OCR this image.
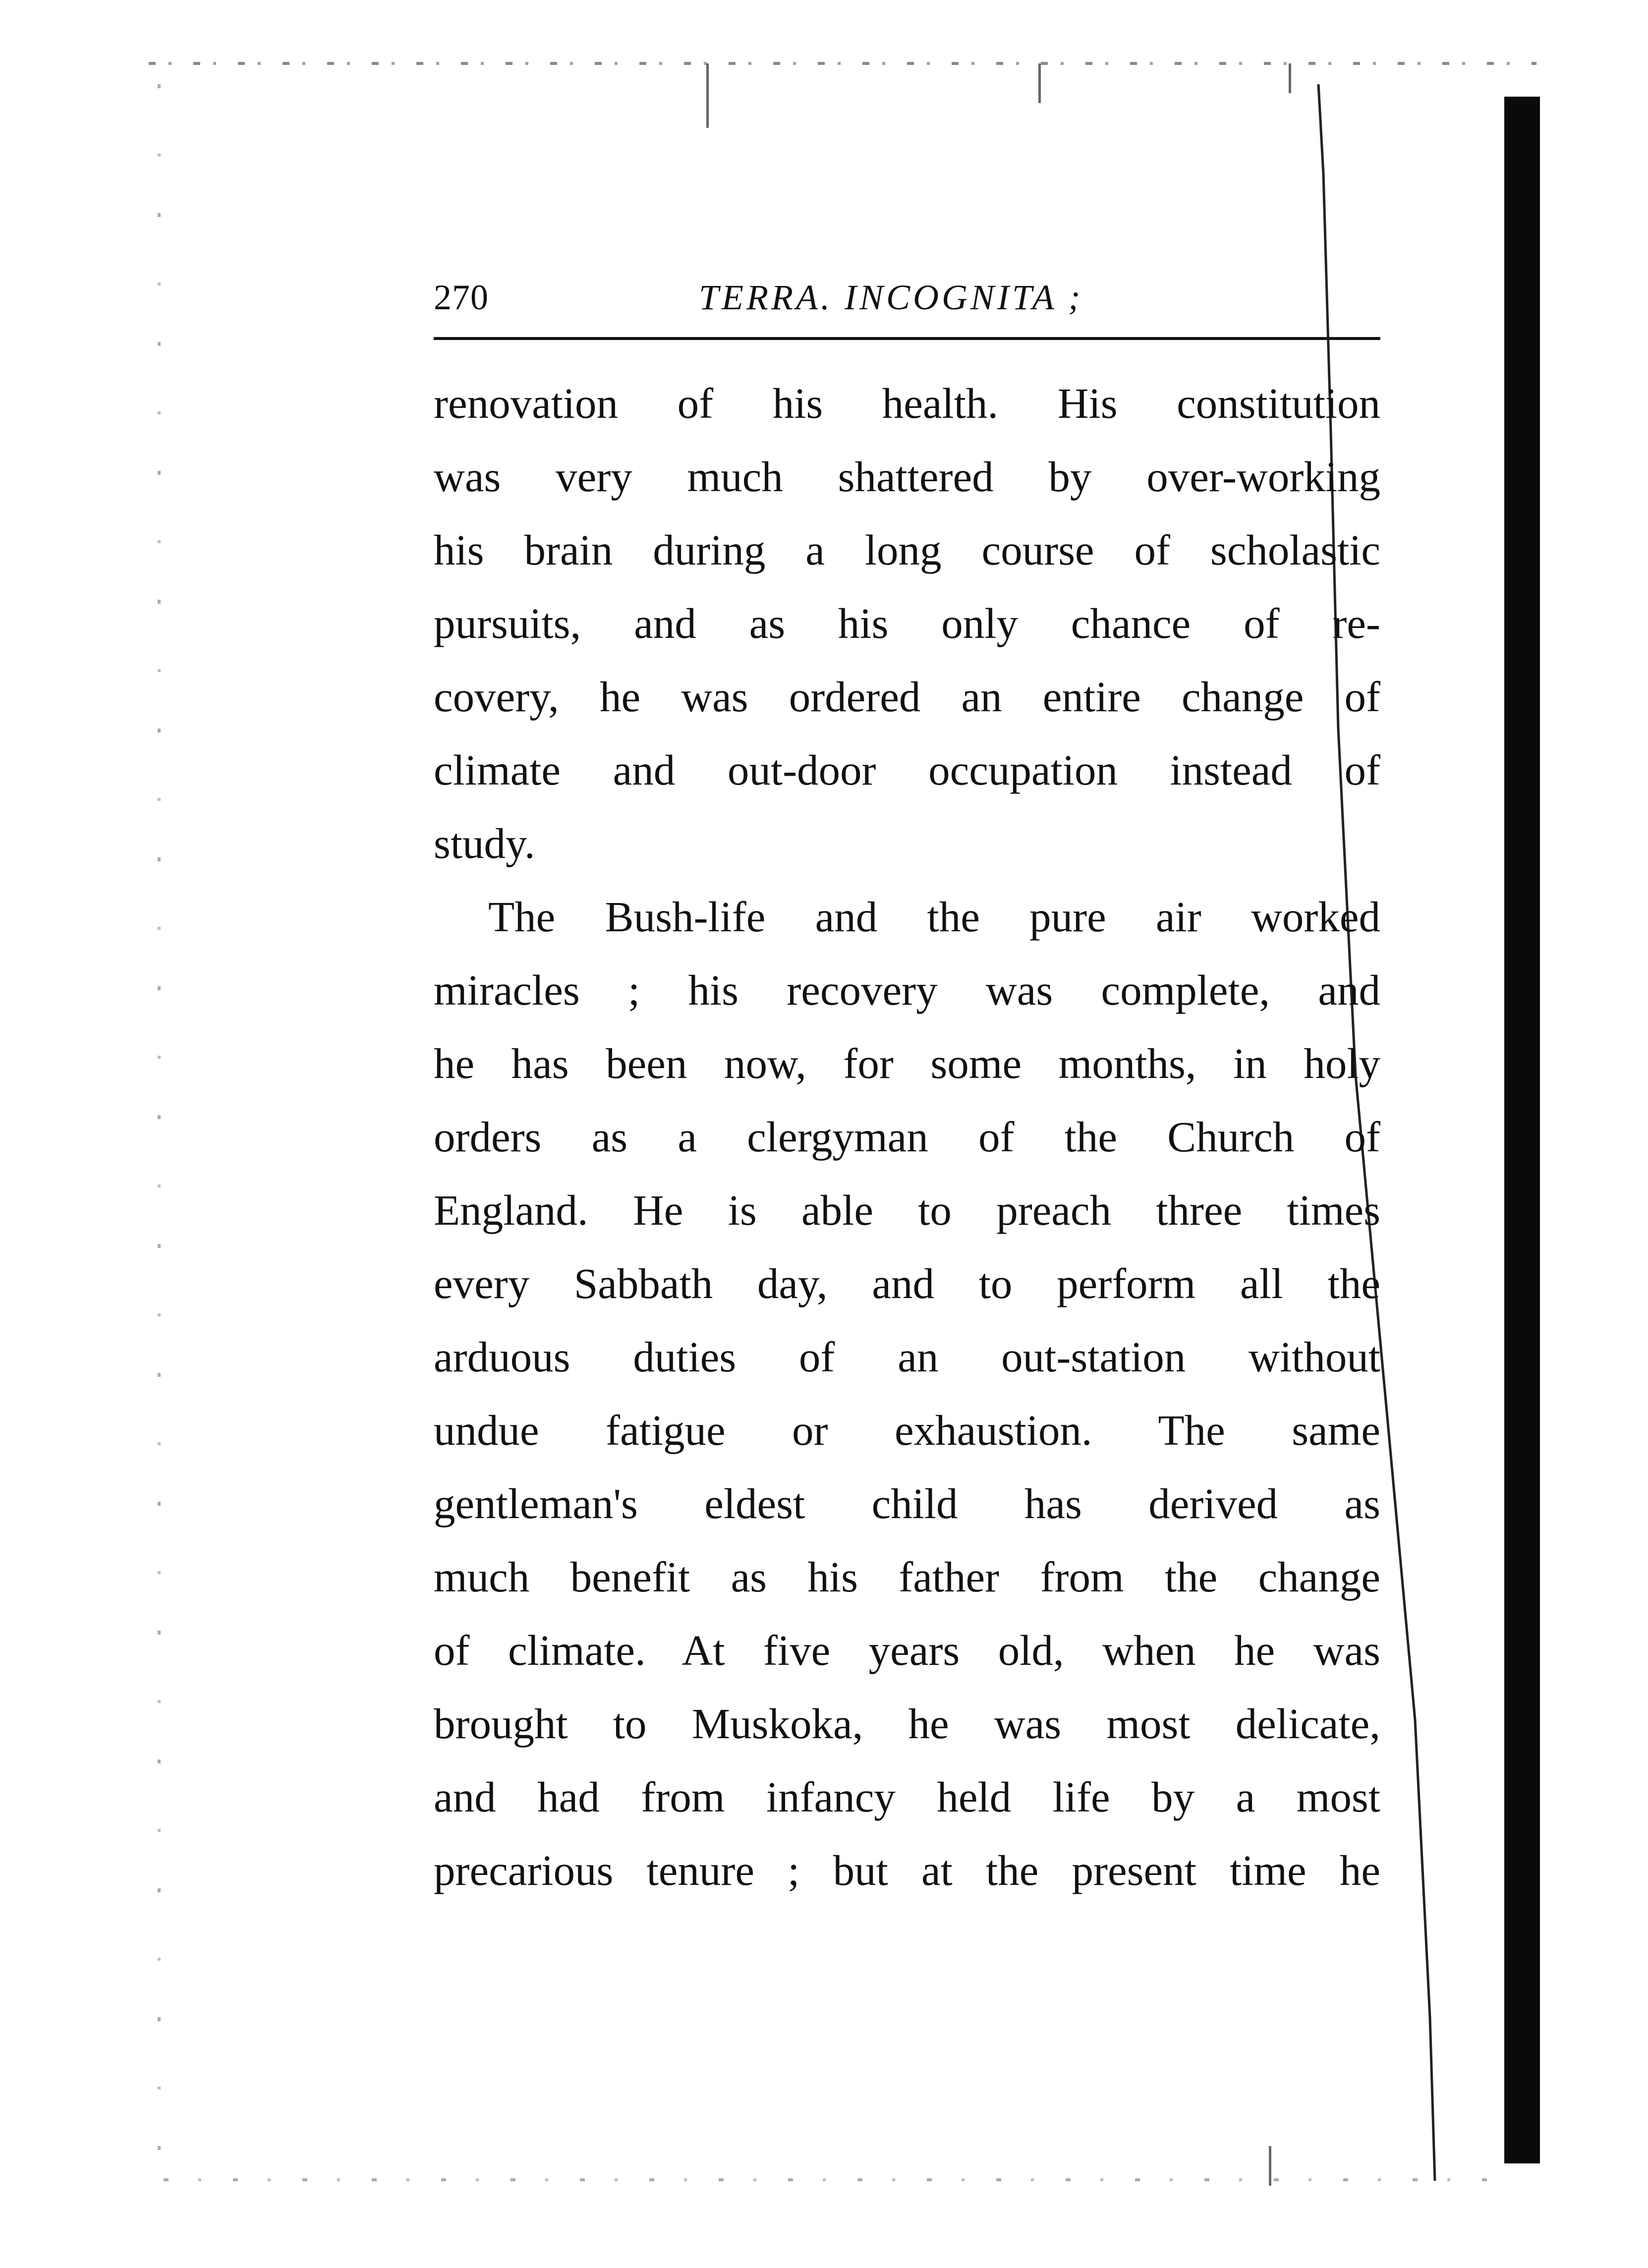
270	TERRA. INCOGNITA ;
renovation of his health. His constitution
was very much shattered by over-working
his brain during a long course of scholastic
pursuits, and as his only chance of re-
covery, he was ordered an entire change of
climate and out-door occupation instead of
study.
The Bush-life and the pure air worked
miracles ; his recovery was complete, and
he has been now, for some months, in holy
orders as a clergyman of the Church of
England. He is able to preach three times
every Sabbath day, and to perform all the
arduous duties of an out-station without
undue fatigue or exhaustion. The same
gentleman's eldest child has derived as
much benefit as his father from the change
of climate. At five years old, when he was
brought to Muskoka, he was most delicate,
and had from infancy held life by a most
precarious tenure ; but at the present time he
